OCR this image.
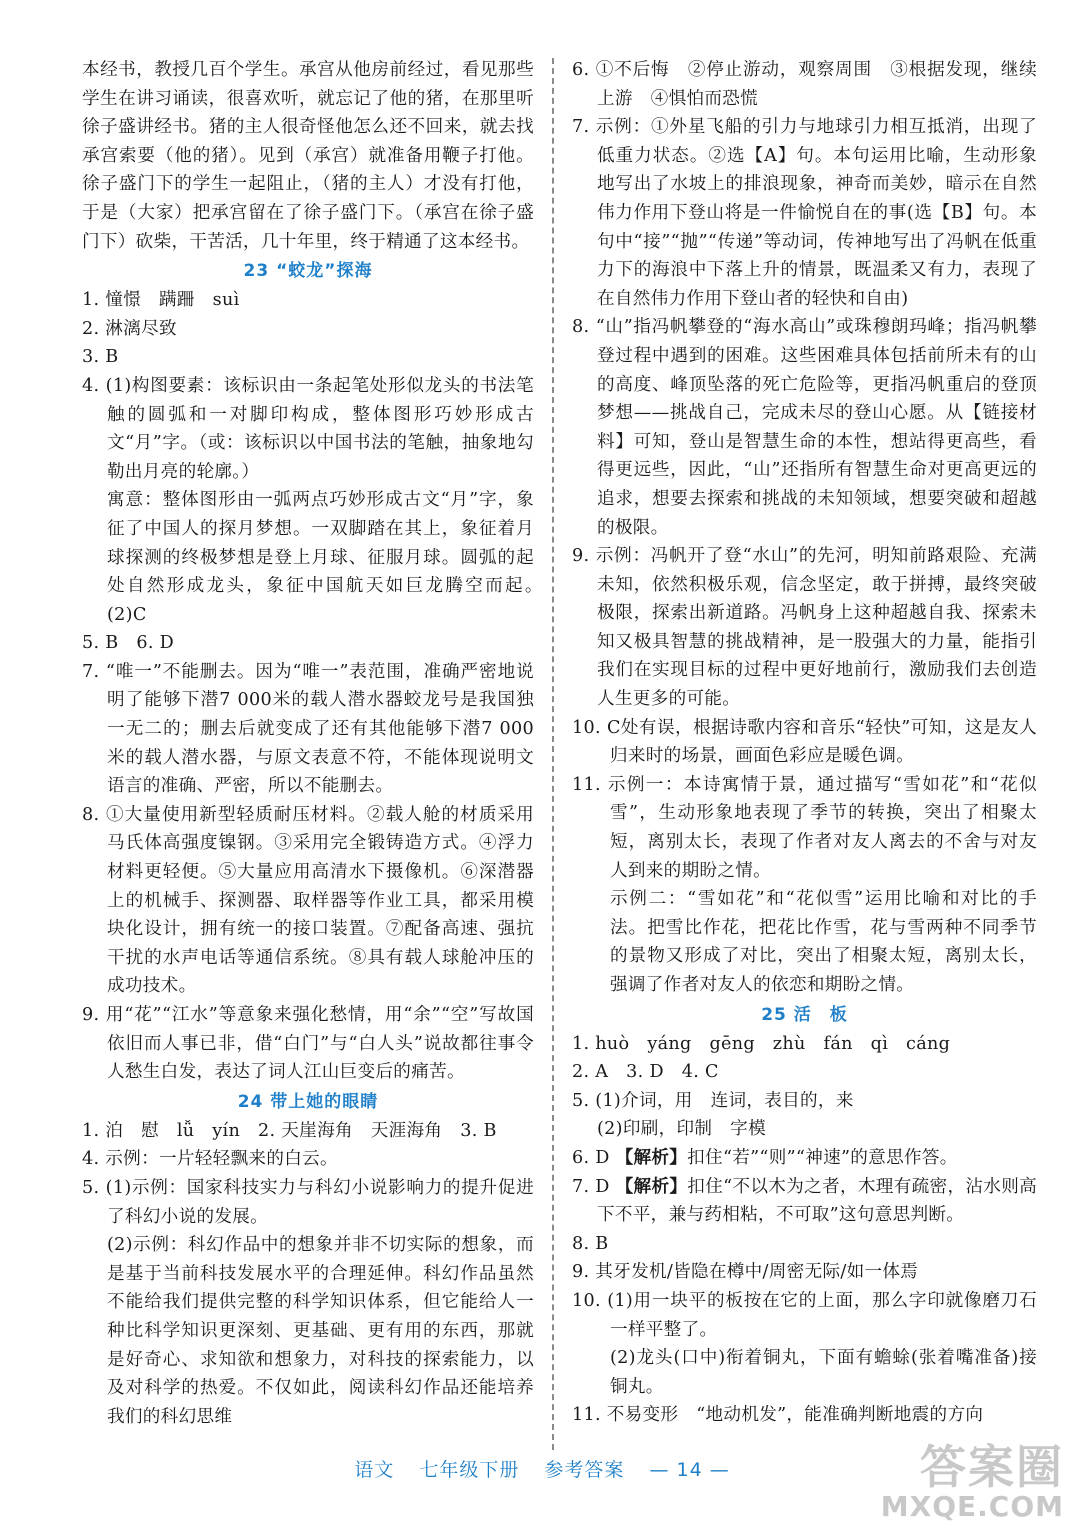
本经书，教授几百个学生。承宫从他房前经过，看见那些学生在讲习诵读，很喜欢听，就忘记了他的猪，在那里听徐子盛讲经书。猪的主人很奇怪他怎么还不回来，就去找承宫索要（他的猪）。见到（承宫）就准备用鞭子打他。徐子盛门下的学生一起阻止，（猪的主人）才没有打他，于是（大家）把承宫留在了徐子盛门下。（承宫在徐子盛门下）砍柴，干苦活，几十年里，终于精通了这本经书。

23 “蛟龙”探海

1. 憧憬　蹒跚　suì

2. 淋漓尽致

3. B

4. (1)构图要素：该标识由一条起笔处形似龙头的书法笔触的圆弧和一对脚印构成，整体图形巧妙形成古文“月”字。（或：该标识以中国书法的笔触，抽象地勾勒出月亮的轮廓。）

寓意：整体图形由一弧两点巧妙形成古文“月”字，象征了中国人的探月梦想。一双脚踏在其上，象征着月球探测的终极梦想是登上月球、征服月球。圆弧的起处自然形成龙头，象征中国航天如巨龙腾空而起。　(2)C

5. B　6. D

7. “唯一”不能删去。因为“唯一”表范围，准确严密地说明了能够下潜7 000米的载人潜水器蛟龙号是我国独一无二的；删去后就变成了还有其他能够下潜7 000米的载人潜水器，与原文表意不符，不能体现说明文语言的准确、严密，所以不能删去。

8. ①大量使用新型轻质耐压材料。②载人舱的材质采用马氏体高强度镍钢。③采用完全锻铸造方式。④浮力材料更轻便。⑤大量应用高清水下摄像机。⑥深潜器上的机械手、探测器、取样器等作业工具，都采用模块化设计，拥有统一的接口装置。⑦配备高速、强抗干扰的水声电话等通信系统。⑧具有载人球舱冲压的成功技术。

9. 用“花”“江水”等意象来强化愁情，用“余”“空”写故国依旧而人事已非，借“白门”与“白人头”说故都往事令人愁生白发，表达了词人江山巨变后的痛苦。

24 带上她的眼睛

1. 泊　慰　lǚ　yín　2. 天崖海角　天涯海角　3. B

4. 示例：一片轻轻飘来的白云。

5. (1)示例：国家科技实力与科幻小说影响力的提升促进了科幻小说的发展。

(2)示例：科幻作品中的想象并非不切实际的想象，而是基于当前科技发展水平的合理延伸。科幻作品虽然不能给我们提供完整的科学知识体系，但它能给人一种比科学知识更深刻、更基础、更有用的东西，那就是好奇心、求知欲和想象力，对科技的探索能力，以及对科学的热爱。不仅如此，阅读科幻作品还能培养我们的科幻思维

6. ①不后悔　②停止游动，观察周围　③根据发现，继续上游　④惧怕而恐慌

7. 示例：①外星飞船的引力与地球引力相互抵消，出现了低重力状态。②选【A】句。本句运用比喻，生动形象地写出了水坡上的排浪现象，神奇而美妙，暗示在自然伟力作用下登山将是一件愉悦自在的事(选【B】句。本句中“接”“抛”“传递”等动词，传神地写出了冯帆在低重力下的海浪中下落上升的情景，既温柔又有力，表现了在自然伟力作用下登山者的轻快和自由)

8. “山”指冯帆攀登的“海水高山”或珠穆朗玛峰；指冯帆攀登过程中遇到的困难。这些困难具体包括前所未有的山的高度、峰顶坠落的死亡危险等，更指冯帆重启的登顶梦想——挑战自己，完成未尽的登山心愿。从【链接材料】可知，登山是智慧生命的本性，想站得更高些，看得更远些，因此，“山”还指所有智慧生命对更高更远的追求，想要去探索和挑战的未知领域，想要突破和超越的极限。

9. 示例：冯帆开了登“水山”的先河，明知前路艰险、充满未知，依然积极乐观，信念坚定，敢于拼搏，最终突破极限，探索出新道路。冯帆身上这种超越自我、探索未知又极具智慧的挑战精神，是一股强大的力量，能指引我们在实现目标的过程中更好地前行，激励我们去创造人生更多的可能。

10. C处有误，根据诗歌内容和音乐“轻快”可知，这是友人归来时的场景，画面色彩应是暖色调。

11. 示例一：本诗寓情于景，通过描写“雪如花”和“花似雪”，生动形象地表现了季节的转换，突出了相聚太短，离别太长，表现了作者对友人离去的不舍与对友人到来的期盼之情。

示例二：“雪如花”和“花似雪”运用比喻和对比的手法。把雪比作花，把花比作雪，花与雪两种不同季节的景物又形成了对比，突出了相聚太短，离别太长，强调了作者对友人的依恋和期盼之情。

25 活　板

1. huò　yáng　gēng　zhù　fán　qì　cáng

2. A　3. D　4. C

5. (1)介词，用　连词，表目的，来

(2)印刷，印制　字模

6. D 【解析】扣住“若”“则”“神速”的意思作答。

7. D 【解析】扣住“不以木为之者，木理有疏密，沾水则高下不平，兼与药相粘，不可取”这句意思判断。

8. B

9. 其牙发机/皆隐在樽中/周密无际/如一体焉

10. (1)用一块平的板按在它的上面，那么字印就像磨刀石一样平整了。

(2)龙头(口中)衔着铜丸，下面有蟾蜍(张着嘴准备)接铜丸。

11. 不易变形　“地动机发”，能准确判断地震的方向

语文 七年级下册 参考答案 — 14 —	答案圈
MXQE.COM
